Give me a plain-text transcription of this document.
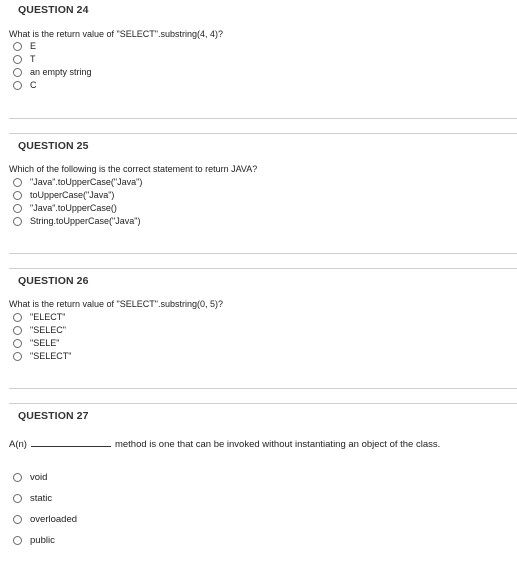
QUESTION 24
What is the return value of "SELECT".substring(4, 4)?
E
T
an empty string
C
QUESTION 25
Which of the following is the correct statement to return JAVA?
"Java".toUpperCase("Java")
toUpperCase("Java")
"Java".toUpperCase()
String.toUpperCase("Java")
QUESTION 26
What is the return value of "SELECT".substring(0, 5)?
"ELECT"
"SELEC"
"SELE"
"SELECT"
QUESTION 27
A(n)	method is one that can be invoked without instantiating an object of the class.
void
static
overloaded
public
